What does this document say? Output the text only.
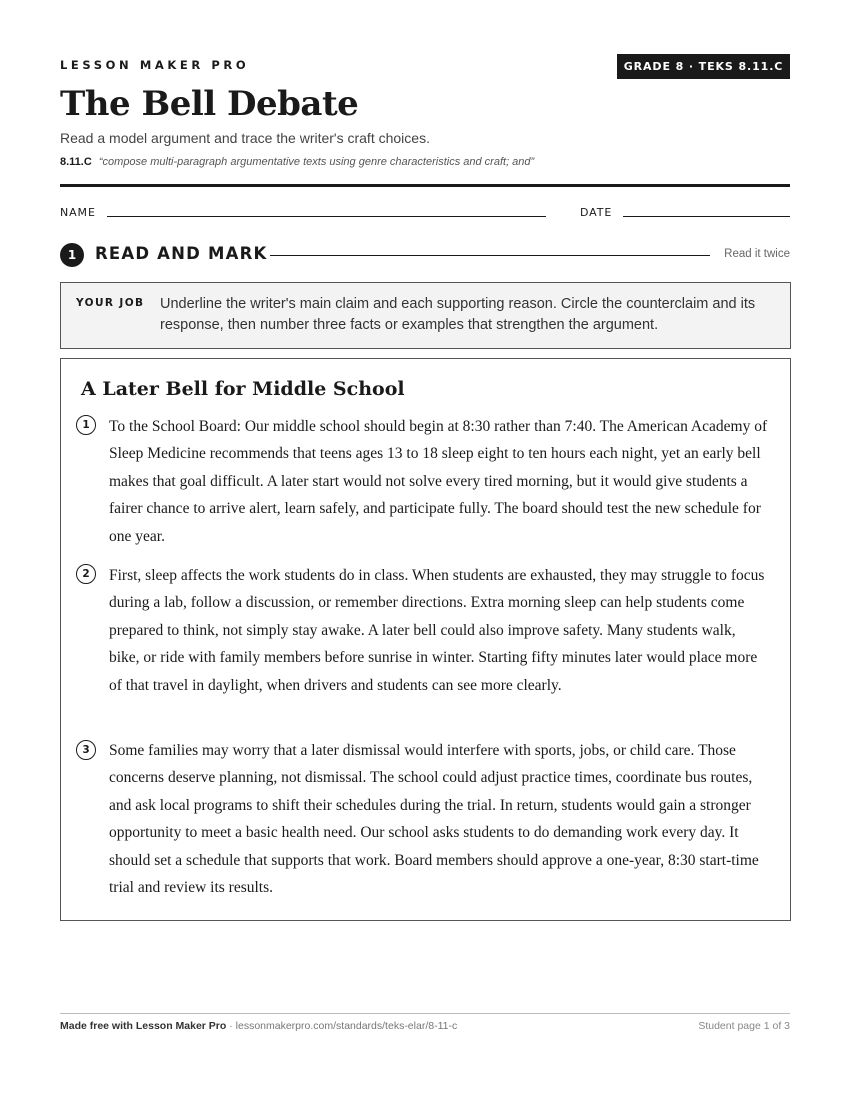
LESSON MAKER PRO	GRADE 8 · TEKS 8.11.C
The Bell Debate
Read a model argument and trace the writer's craft choices.
8.11.C “compose multi-paragraph argumentative texts using genre characteristics and craft; and”
NAME	DATE
1	READ AND MARK	Read it twice
YOUR JOB Underline the writer's main claim and each supporting reason. Circle the counterclaim and its response, then number three facts or examples that strengthen the argument.
A Later Bell for Middle School
1	To the School Board: Our middle school should begin at 8:30 rather than 7:40. The American Academy of Sleep Medicine recommends that teens ages 13 to 18 sleep eight to ten hours each night, yet an early bell makes that goal difficult. A later start would not solve every tired morning, but it would give students a fairer chance to arrive alert, learn safely, and participate fully. The board should test the new schedule for one year.
2	First, sleep affects the work students do in class. When students are exhausted, they may struggle to focus during a lab, follow a discussion, or remember directions. Extra morning sleep can help students come prepared to think, not simply stay awake. A later bell could also improve safety. Many students walk, bike, or ride with family members before sunrise in winter. Starting fifty minutes later would place more of that travel in daylight, when drivers and students can see more clearly.
3	Some families may worry that a later dismissal would interfere with sports, jobs, or child care. Those concerns deserve planning, not dismissal. The school could adjust practice times, coordinate bus routes, and ask local programs to shift their schedules during the trial. In return, students would gain a stronger opportunity to meet a basic health need. Our school asks students to do demanding work every day. It should set a schedule that supports that work. Board members should approve a one-year, 8:30 start-time trial and review its results.
Made free with Lesson Maker Pro · lessonmakerpro.com/standards/teks-elar/8-11-c	Student page 1 of 3
